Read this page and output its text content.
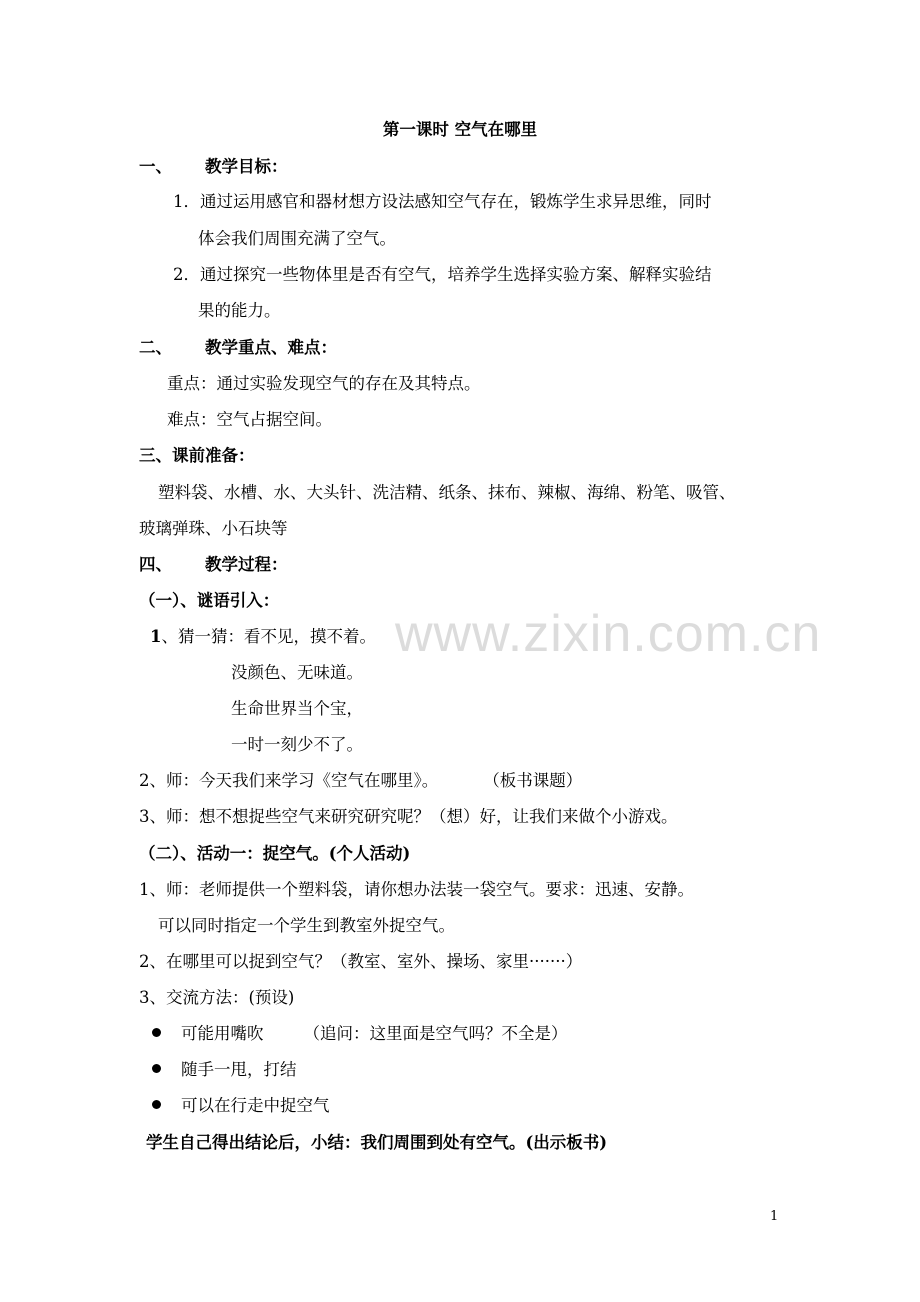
www.zixin.com.cn
第一课时 空气在哪里
一、 教学目标：
1．通过运用感官和器材想方设法感知空气存在，锻炼学生求异思维，同时
体会我们周围充满了空气。
2．通过探究一些物体里是否有空气，培养学生选择实验方案、解释实验结
果的能力。
二、 教学重点、难点：
重点：通过实验发现空气的存在及其特点。
难点：空气占据空间。
三、课前准备：
塑料袋、水槽、水、大头针、洗洁精、纸条、抹布、辣椒、海绵、粉笔、吸管、
玻璃弹珠、小石块等
四、 教学过程：
（一）、谜语引入：
1、猜一猜：看不见，摸不着。
没颜色、无味道。
生命世界当个宝，
一时一刻少不了。
2、师：今天我们来学习《空气在哪里》。	（板书课题）
3、师：想不想捉些空气来研究研究呢？（想）好，让我们来做个小游戏。
（二）、活动一：捉空气。(个人活动)
1、师：老师提供一个塑料袋，请你想办法装一袋空气。要求：迅速、安静。
可以同时指定一个学生到教室外捉空气。
2、在哪里可以捉到空气？（教室、室外、操场、家里·······）
3、交流方法：(预设)
可能用嘴吹 （追问：这里面是空气吗？不全是）
随手一甩，打结
可以在行走中捉空气
学生自己得出结论后，小结：我们周围到处有空气。(出示板书)
1
